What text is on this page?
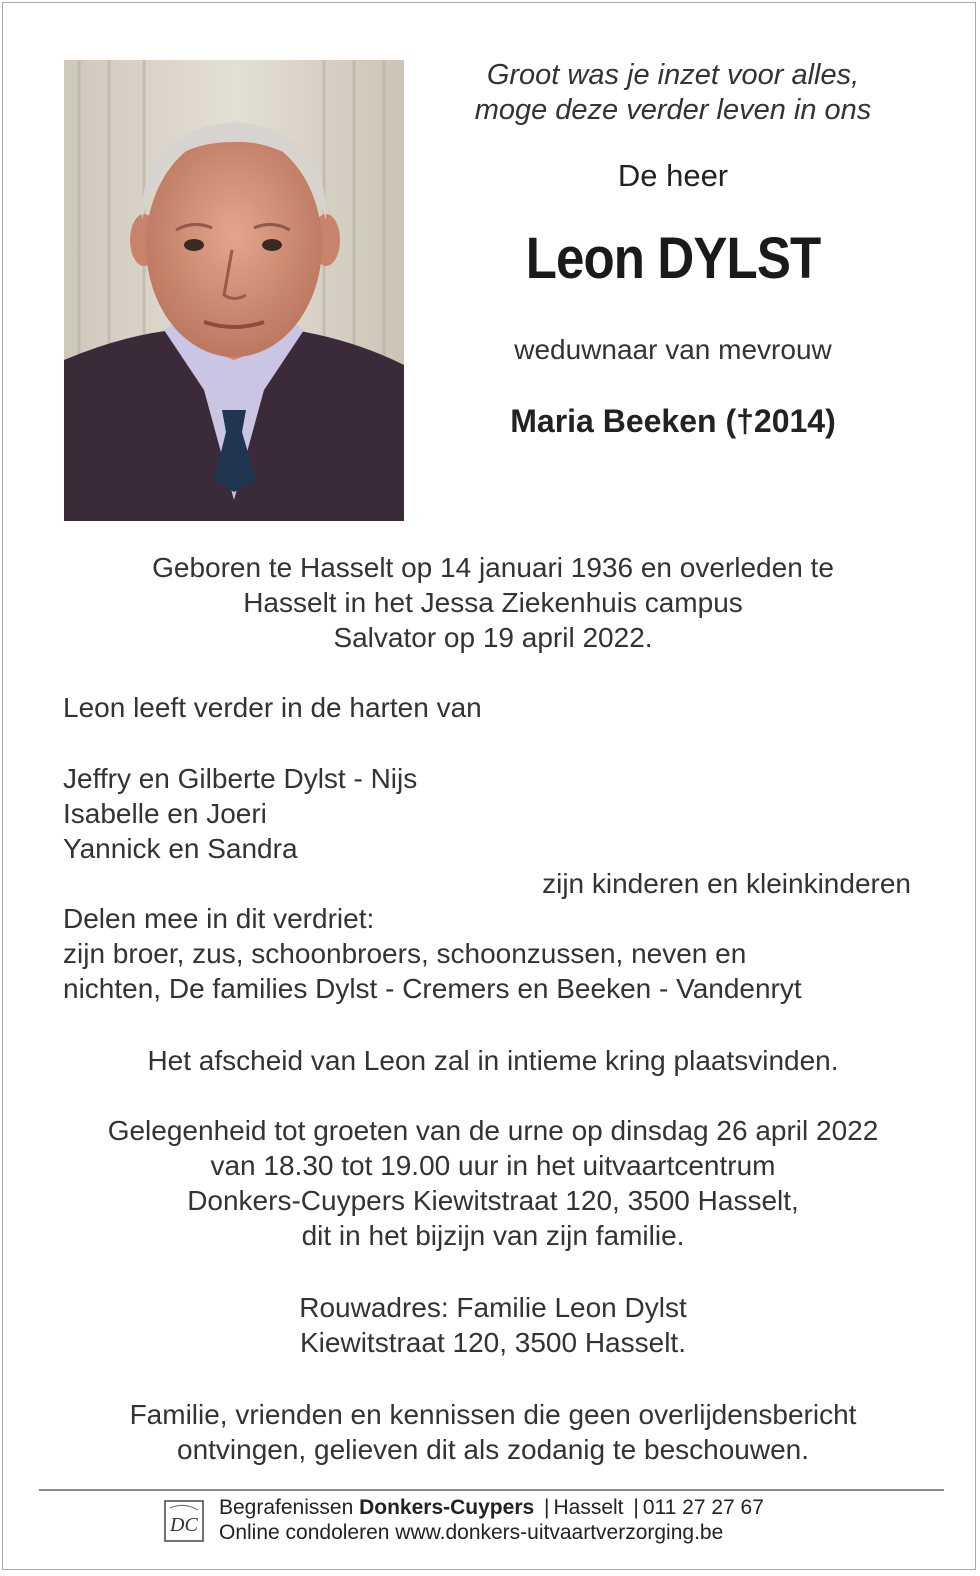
Groot was je inzet voor alles,
moge deze verder leven in ons
De heer
Leon DYLST
weduwnaar van mevrouw
Maria Beeken (†2014)
Geboren te Hasselt op 14 januari 1936 en overleden te
Hasselt in het Jessa Ziekenhuis campus
Salvator op 19 april 2022.
Leon leeft verder in de harten van
Jeffry en Gilberte Dylst - Nijs
Isabelle en Joeri
Yannick en Sandra
zijn kinderen en kleinkinderen
Delen mee in dit verdriet:
zijn broer, zus, schoonbroers, schoonzussen, neven en
nichten, De families Dylst - Cremers en Beeken - Vandenryt
Het afscheid van Leon zal in intieme kring plaatsvinden.
Gelegenheid tot groeten van de urne op dinsdag 26 april 2022
van 18.30 tot 19.00 uur in het uitvaartcentrum
Donkers-Cuypers Kiewitstraat 120, 3500 Hasselt,
dit in het bijzijn van zijn familie.
Rouwadres: Familie Leon Dylst
Kiewitstraat 120, 3500 Hasselt.
Familie, vrienden en kennissen die geen overlijdensbericht
ontvingen, gelieven dit als zodanig te beschouwen.
DC
Begrafenissen Donkers-Cuypers | Hasselt | 011 27 27 67
Online condoleren www.donkers-uitvaartverzorging.be
